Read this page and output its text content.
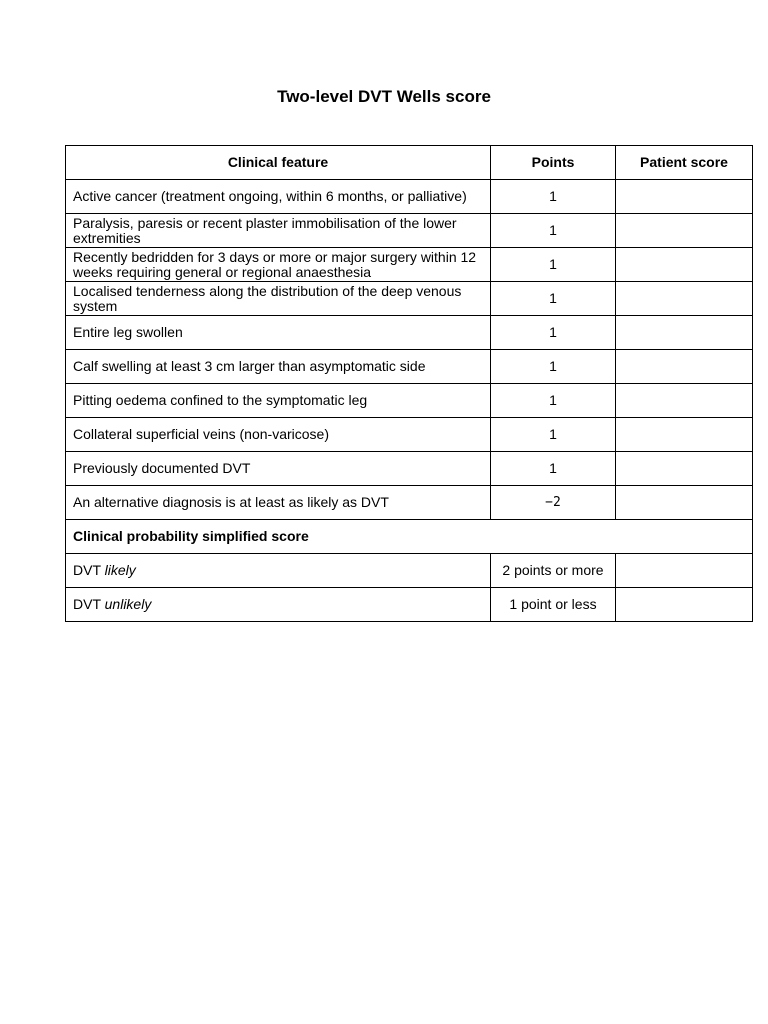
Two-level DVT Wells score
Clinical feature	Points	Patient score
Active cancer (treatment ongoing, within 6 months, or palliative)	1	
Paralysis, paresis or recent plaster immobilisation of the lower extremities	1	
Recently bedridden for 3 days or more or major surgery within 12 weeks requiring general or regional anaesthesia	1	
Localised tenderness along the distribution of the deep venous system	1	
Entire leg swollen	1	
Calf swelling at least 3 cm larger than asymptomatic side	1	
Pitting oedema confined to the symptomatic leg	1	
Collateral superficial veins (non-varicose)	1	
Previously documented DVT	1	
An alternative diagnosis is at least as likely as DVT	−2	
Clinical probability simplified score		
DVT likely	2 points or more	
DVT unlikely	1 point or less	
